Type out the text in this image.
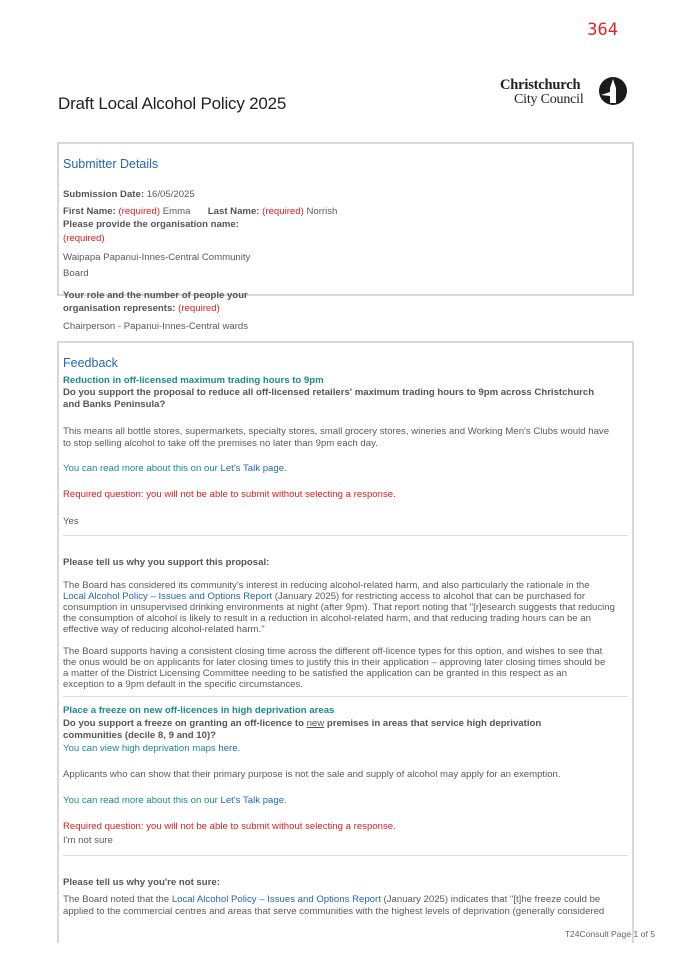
364
Draft Local Alcohol Policy 2025
Christchurch
City Council
Submitter Details
Submission Date: 16/05/2025
First Name: (required) Emma Last Name: (required) Norrish
Please provide the organisation name:
(required)
Waipapa Papanui-Innes-Central Community
Board
Your role and the number of people your
organisation represents: (required)
Chairperson - Papanui-Innes-Central wards
Feedback
Reduction in off-licensed maximum trading hours to 9pm
Do you support the proposal to reduce all off-licensed retailers' maximum trading hours to 9pm across Christchurch
and Banks Peninsula?
This means all bottle stores, supermarkets, specialty stores, small grocery stores, wineries and Working Men's Clubs would have
to stop selling alcohol to take off the premises no later than 9pm each day.
You can read more about this on our Let's Talk page.
Required question: you will not be able to submit without selecting a response.
Yes
Please tell us why you support this proposal:
The Board has considered its community's interest in reducing alcohol-related harm, and also particularly the rationale in the
Local Alcohol Policy – Issues and Options Report (January 2025) for restricting access to alcohol that can be purchased for
consumption in unsupervised drinking environments at night (after 9pm). That report noting that "[r]esearch suggests that reducing
the consumption of alcohol is likely to result in a reduction in alcohol-related harm, and that reducing trading hours can be an
effective way of reducing alcohol-related harm."
The Board supports having a consistent closing time across the different off-licence types for this option, and wishes to see that
the onus would be on applicants for later closing times to justify this in their application – approving later closing times should be
a matter of the District Licensing Committee needing to be satisfied the application can be granted in this respect as an
exception to a 9pm default in the specific circumstances.
Place a freeze on new off-licences in high deprivation areas
Do you support a freeze on granting an off-licence to new premises in areas that service high deprivation
communities (decile 8, 9 and 10)?
You can view high deprivation maps here.
Applicants who can show that their primary purpose is not the sale and supply of alcohol may apply for an exemption.
You can read more about this on our Let's Talk page.
Required question: you will not be able to submit without selecting a response.
I'm not sure
Please tell us why you're not sure:
The Board noted that the Local Alcohol Policy – Issues and Options Report (January 2025) indicates that "[t]he freeze could be
applied to the commercial centres and areas that serve communities with the highest levels of deprivation (generally considered
T24Consult Page 1 of 5
